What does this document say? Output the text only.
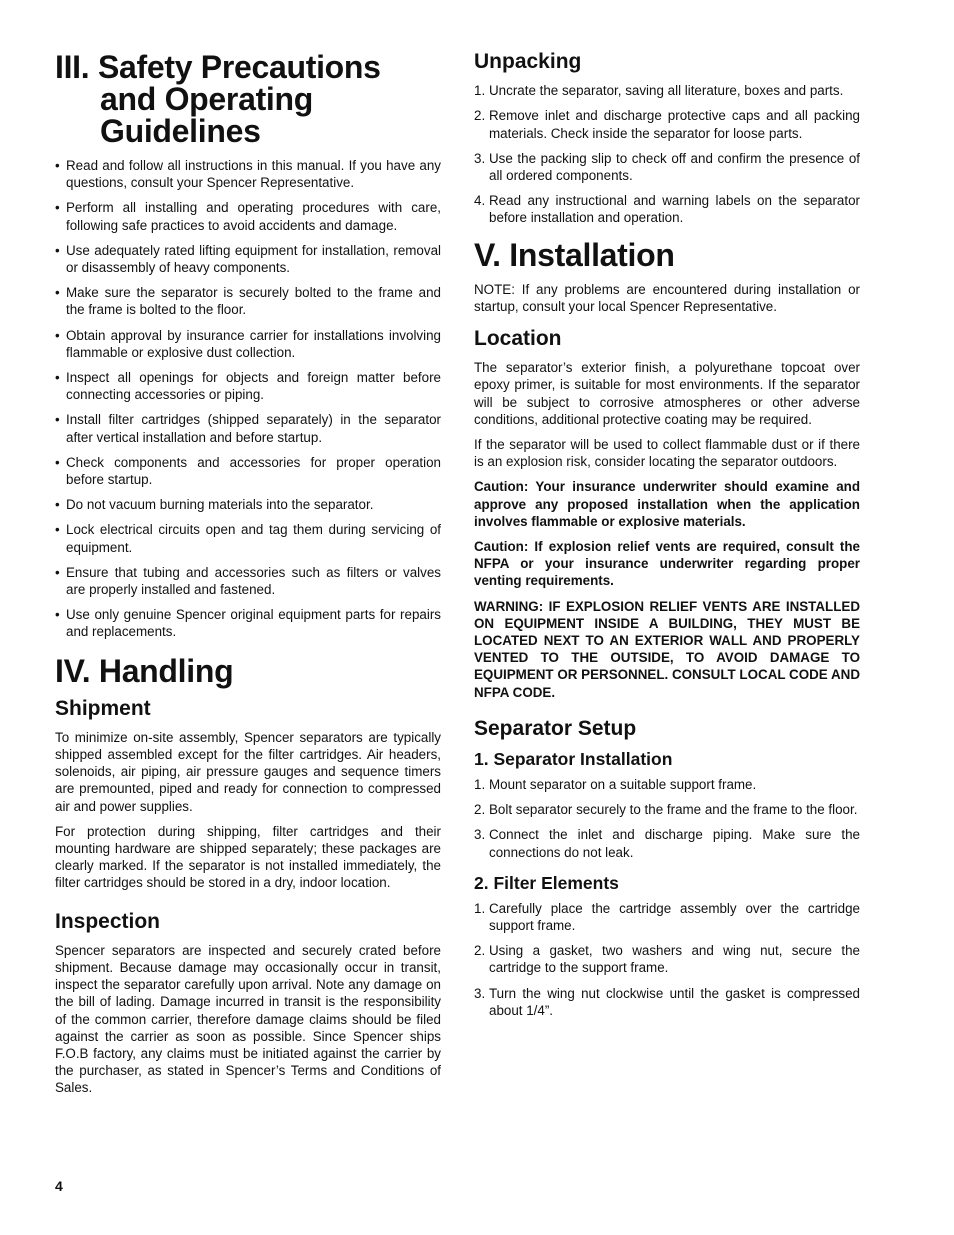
III. Safety Precautions and Operating Guidelines
• Read and follow all instructions in this manual. If you have any questions, consult your Spencer Representative.
• Perform all installing and operating procedures with care, following safe practices to avoid accidents and damage.
• Use adequately rated lifting equipment for installation, removal or disassembly of heavy components.
• Make sure the separator is securely bolted to the frame and the frame is bolted to the floor.
• Obtain approval by insurance carrier for installations involving flammable or explosive dust collection.
• Inspect all openings for objects and foreign matter before connecting accessories or piping.
• Install filter cartridges (shipped separately) in the separator after vertical installation and before startup.
• Check components and accessories for proper operation before startup.
• Do not vacuum burning materials into the separator.
• Lock electrical circuits open and tag them during servicing of equipment.
• Ensure that tubing and accessories such as filters or valves are properly installed and fastened.
• Use only genuine Spencer original equipment parts for repairs and replacements.
IV. Handling
Shipment

To minimize on-site assembly, Spencer separators are typically shipped assembled except for the filter cartridges. Air headers, solenoids, air piping, air pressure gauges and sequence timers are premounted, piped and ready for connection to compressed air and power supplies.

For protection during shipping, filter cartridges and their mounting hardware are shipped separately; these packages are clearly marked. If the separator is not installed immediately, the filter cartridges should be stored in a dry, indoor location.

Inspection

Spencer separators are inspected and securely crated before shipment. Because damage may occasionally occur in transit, inspect the separator carefully upon arrival. Note any damage on the bill of lading. Damage incurred in transit is the responsibility of the common carrier, therefore damage claims should be filed against the carrier as soon as possible. Since Spencer ships F.O.B factory, any claims must be initiated against the carrier by the purchaser, as stated in Spencer’s Terms and Conditions of Sales.

Unpacking
1. Uncrate the separator, saving all literature, boxes and parts.
2. Remove inlet and discharge protective caps and all packing materials. Check inside the separator for loose parts.
3. Use the packing slip to check off and confirm the presence of all ordered components.
4. Read any instructional and warning labels on the separator before installation and operation.
V. Installation

NOTE: If any problems are encountered during installation or startup, consult your local Spencer Representative.

Location

The separator’s exterior finish, a polyurethane topcoat over epoxy primer, is suitable for most environments. If the separator will be subject to corrosive atmospheres or other adverse conditions, additional protective coating may be required.

If the separator will be used to collect flammable dust or if there is an explosion risk, consider locating the separator outdoors.

Caution: Your insurance underwriter should examine and approve any proposed installation when the application involves flammable or explosive materials.

Caution: If explosion relief vents are required, consult the NFPA or your insurance underwriter regarding proper venting requirements.

WARNING: IF EXPLOSION RELIEF VENTS ARE INSTALLED ON EQUIPMENT INSIDE A BUILDING, THEY MUST BE LOCATED NEXT TO AN EXTERIOR WALL AND PROPERLY VENTED TO THE OUTSIDE, TO AVOID DAMAGE TO EQUIPMENT OR PERSONNEL. CONSULT LOCAL CODE AND NFPA CODE.

Separator Setup
1. Separator Installation
1. Mount separator on a suitable support frame.
2. Bolt separator securely to the frame and the frame to the floor.
3. Connect the inlet and discharge piping. Make sure the connections do not leak.
2. Filter Elements
1. Carefully place the cartridge assembly over the cartridge support frame.
2. Using a gasket, two washers and wing nut, secure the cartridge to the support frame.
3. Turn the wing nut clockwise until the gasket is compressed about 1/4”.
4
